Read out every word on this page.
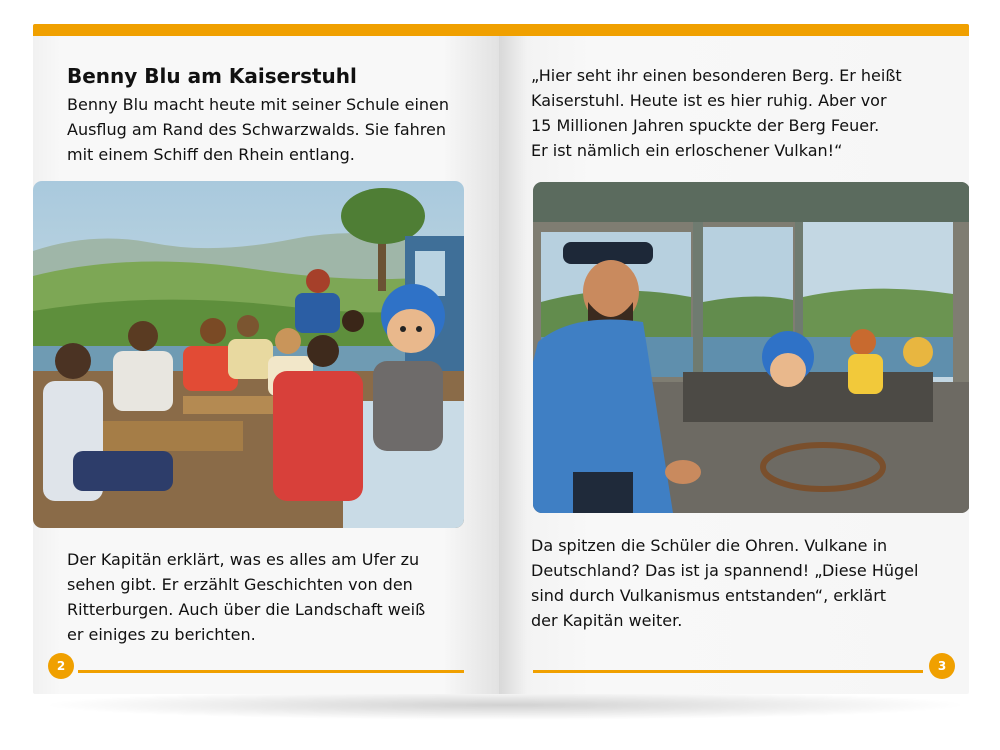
Benny Blu am Kaiserstuhl

Benny Blu macht heute mit seiner Schule einen

Ausflug am Rand des Schwarzwalds. Sie fahren

mit einem Schiff den Rhein entlang.

Der Kapitän erklärt, was es alles am Ufer zu

sehen gibt. Er erzählt Geschichten von den

Ritterburgen. Auch über die Landschaft weiß

er einiges zu berichten.

2

„Hier seht ihr einen besonderen Berg. Er heißt

Kaiserstuhl. Heute ist es hier ruhig. Aber vor

15 Millionen Jahren spuckte der Berg Feuer.

Er ist nämlich ein erloschener Vulkan!“

Da spitzen die Schüler die Ohren. Vulkane in

Deutschland? Das ist ja spannend! „Diese Hügel

sind durch Vulkanismus entstanden“, erklärt

der Kapitän weiter.

3
